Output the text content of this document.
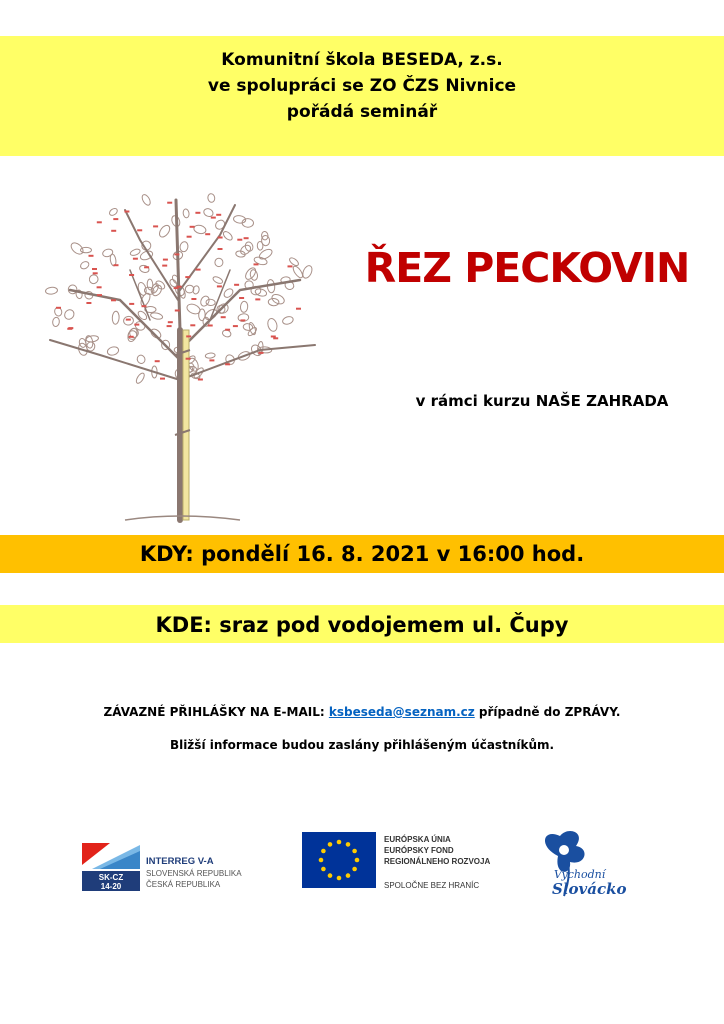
Komunitní škola BESEDA, z.s.
ve spolupráci se ZO ČZS Nivnice
pořádá seminář
ŘEZ PECKOVIN
v rámci kurzu NAŠE ZAHRADA
KDY: pondělí 16. 8. 2021 v 16:00 hod.
KDE: sraz pod vodojemem ul. Čupy
ZÁVAZNÉ PŘIHLÁŠKY NA E-MAIL: ksbeseda@seznam.cz případně do ZPRÁVY.
Bližší informace budou zaslány přihlášeným účastníkům.
SK-CZ
14-20
INTERREG V-A
SLOVENSKÁ REPUBLIKA
ČESKÁ REPUBLIKA
EURÓPSKA ÚNIA
EURÓPSKY FOND
REGIONÁLNEHO ROZVOJA
SPOLOČNE BEZ HRANÍC
Východní
Slovácko
